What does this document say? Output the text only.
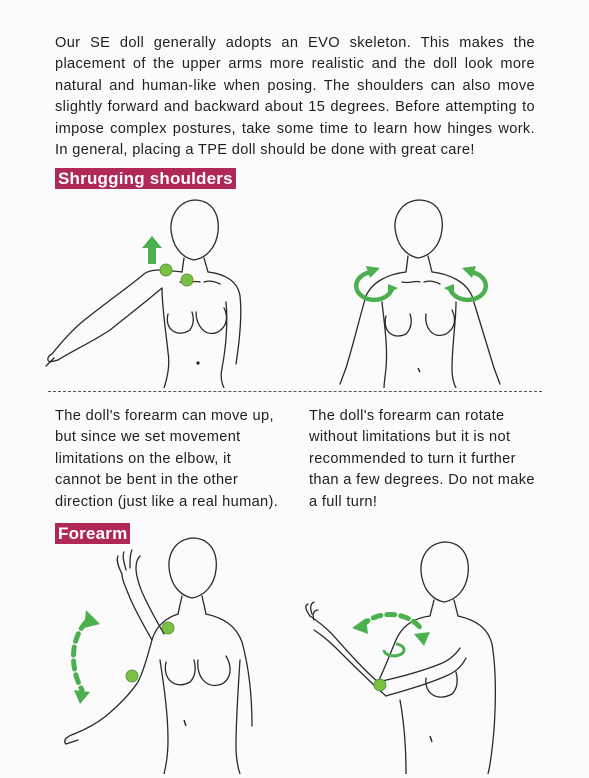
Our SE doll generally adopts an EVO skeleton. This makes the placement of the upper arms more realistic and the doll look more natural and human-like when posing. The shoulders can also move slightly forward and backward about 15 degrees. Before attempting to impose complex postures, take some time to learn how hinges work. In general, placing a TPE doll should be done with great care!
Shrugging shoulders
The doll's forearm can move up, but since we set movement limitations on the elbow, it cannot be bent in the other direction (just like a real human).
The doll's forearm can rotate without limitations but it is not recommended to turn it further than a few degrees. Do not make a full turn!
Forearm
